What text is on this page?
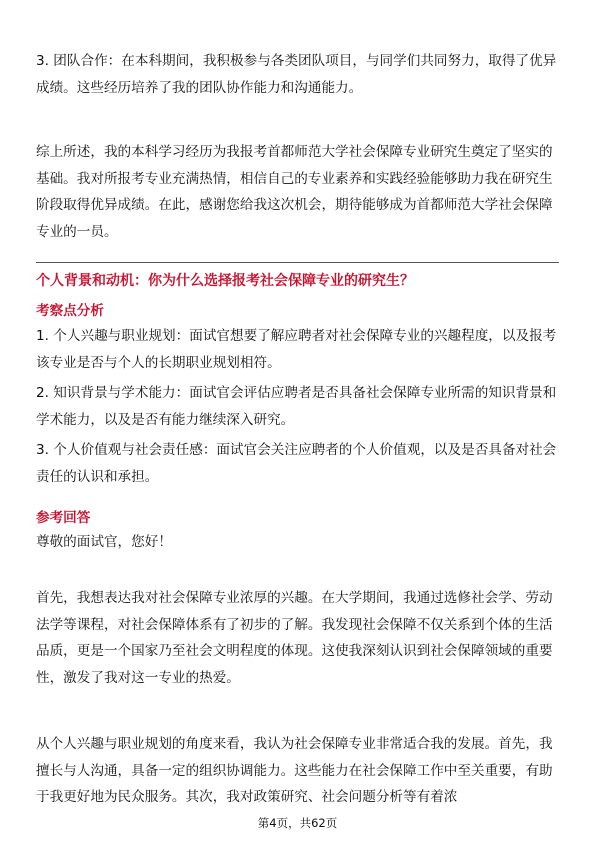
3. 团队合作：在本科期间，我积极参与各类团队项目，与同学们共同努力，取得了优异成绩。这些经历培养了我的团队协作能力和沟通能力。

综上所述，我的本科学习经历为我报考首都师范大学社会保障专业研究生奠定了坚实的基础。我对所报考专业充满热情，相信自己的专业素养和实践经验能够助力我在研究生阶段取得优异成绩。在此，感谢您给我这次机会，期待能够成为首都师范大学社会保障专业的一员。

个人背景和动机：你为什么选择报考社会保障专业的研究生？
考察点分析

1. 个人兴趣与职业规划：面试官想要了解应聘者对社会保障专业的兴趣程度，以及报考该专业是否与个人的长期职业规划相符。

2. 知识背景与学术能力：面试官会评估应聘者是否具备社会保障专业所需的知识背景和学术能力，以及是否有能力继续深入研究。

3. 个人价值观与社会责任感：面试官会关注应聘者的个人价值观，以及是否具备对社会责任的认识和承担。

参考回答

尊敬的面试官，您好！

首先，我想表达我对社会保障专业浓厚的兴趣。在大学期间，我通过选修社会学、劳动法学等课程，对社会保障体系有了初步的了解。我发现社会保障不仅关系到个体的生活品质，更是一个国家乃至社会文明程度的体现。这使我深刻认识到社会保障领域的重要性，激发了我对这一专业的热爱。

从个人兴趣与职业规划的角度来看，我认为社会保障专业非常适合我的发展。首先，我擅长与人沟通，具备一定的组织协调能力。这些能力在社会保障工作中至关重要，有助于我更好地为民众服务。其次，我对政策研究、社会问题分析等有着浓

第4页，共62页
